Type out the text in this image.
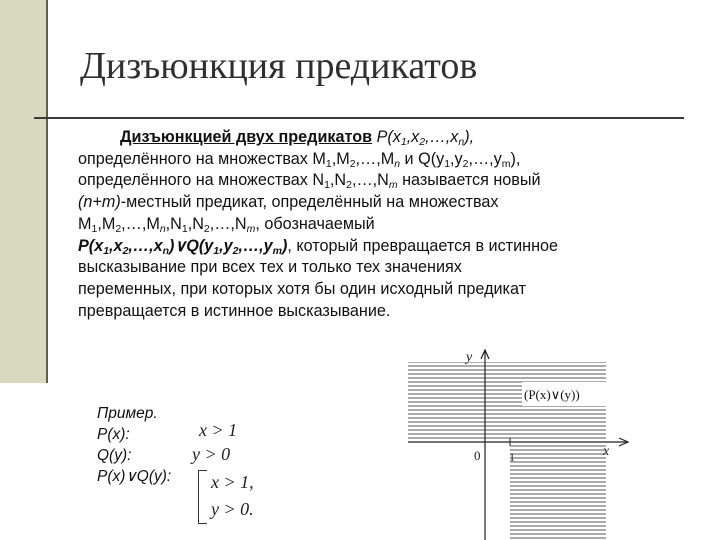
Дизъюнкция предикатов

Дизъюнкцией двух предикатов $P(x_1,x_2,\dots,x_n)$,

определённого на множествах $M_1,M_2,\dots,M_n$ и $Q(y_1,y_2,\dots,y_m)$,

определённого на множествах $N_1,N_2,\dots,N_m$ называется новый

(n+m)-местный предикат, определённый на множествах

$M_1,M_2,\dots,M_n,N_1,N_2,\dots,N_m$, обозначаемый

$P(x_1,x_2,\dots,x_n)\vee Q(y_1,y_2,\dots,y_m)$, который превращается в истинное

высказывание при всех тех и только тех значениях

переменных, при которых хотя бы один исходный предикат

превращается в истинное высказывание.

Пример.
P(x):
Q(y):
P(x)∨Q(y):
x > 1
y > 0
x > 1,
y > 0.
y
x
0 1
(P(x)∨(y))
